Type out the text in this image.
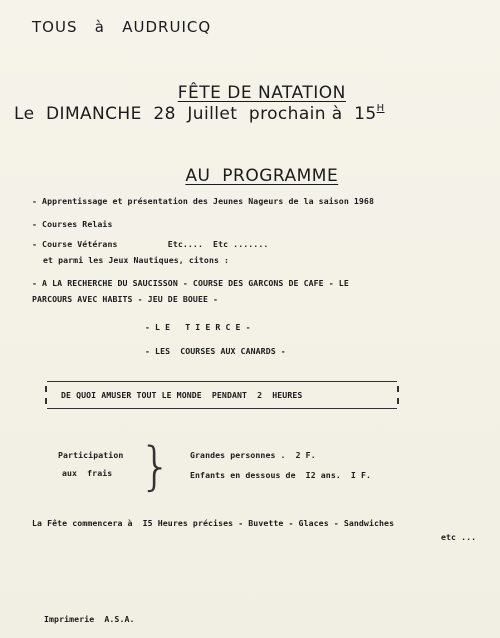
TOUS   à   AUDRUICQ

FÊTE DE NATATION

Le  DIMANCHE  28  Juillet  prochain à  $15^H$

AU  PROGRAMME

- Apprentissage et présentation des Jeunes Nageurs de la saison 1968
- Courses Relais
- Course Vétérans          Etc....  Etc .......
et parmi les Jeux Nautiques, citons :
- A LA RECHERCHE DU SAUCISSON - COURSE DES GARCONS DE CAFE - LE
PARCOURS AVEC HABITS - JEU DE BOUEE -
- L E   T I E R C E -
- LES  COURSES AUX CANARDS -
DE QUOI AMUSER TOUT LE MONDE  PENDANT  2  HEURES
Participation
aux  frais } Grandes personnes .  2 F.
Enfants en dessous de  I2 ans.  I F.
La Fête commencera à  I5 Heures précises - Buvette - Glaces - Sandwiches
etc ...
Imprimerie  A.S.A.
